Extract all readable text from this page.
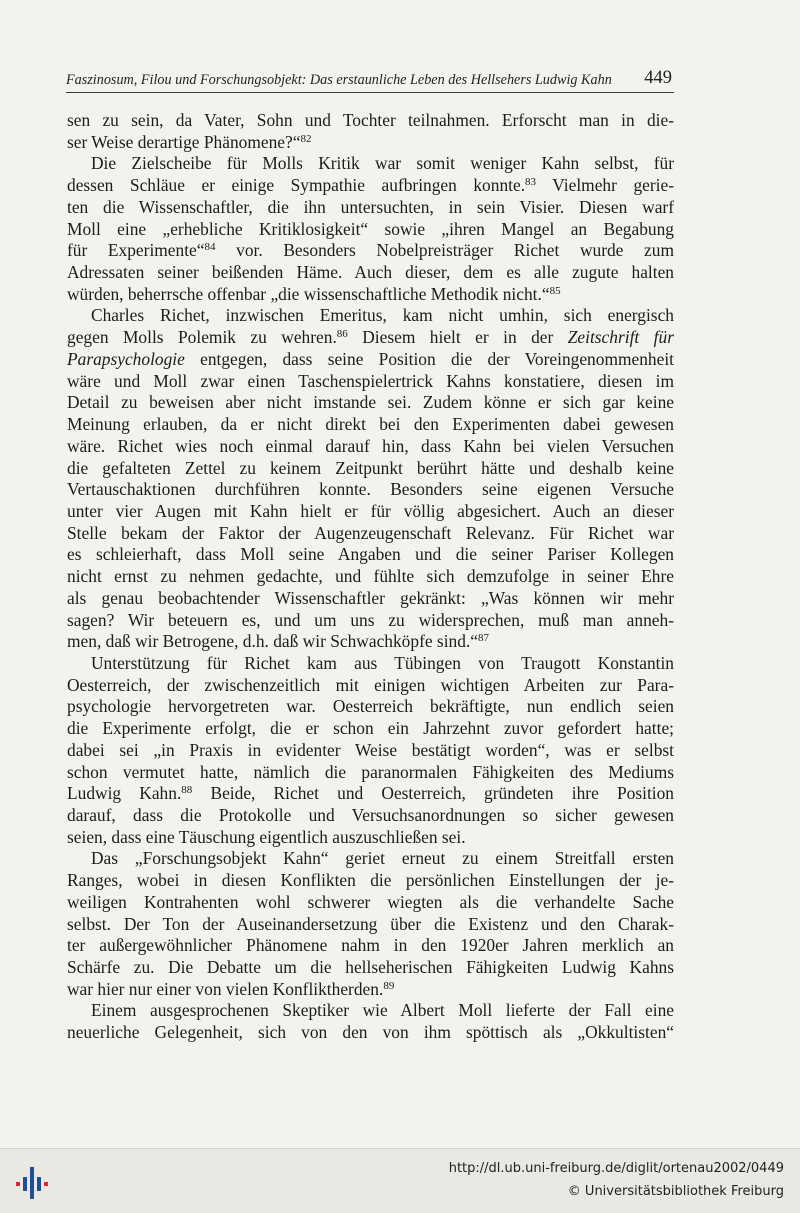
Faszinosum, Filou und Forschungsobjekt: Das erstaunliche Leben des Hellsehers Ludwig Kahn 449
sen zu sein, da Vater, Sohn und Tochter teilnahmen. Erforscht man in die-
ser Weise derartige Phänomene?“$^{82}$
Die Zielscheibe für Molls Kritik war somit weniger Kahn selbst, für
dessen Schläue er einige Sympathie aufbringen konnte.$^{83}$ Vielmehr gerie-
ten die Wissenschaftler, die ihn untersuchten, in sein Visier. Diesen warf
Moll eine „erhebliche Kritiklosigkeit“ sowie „ihren Mangel an Begabung
für Experimente“$^{84}$ vor. Besonders Nobelpreisträger Richet wurde zum
Adressaten seiner beißenden Häme. Auch dieser, dem es alle zugute halten
würden, beherrsche offenbar „die wissenschaftliche Methodik nicht.“$^{85}$
Charles Richet, inzwischen Emeritus, kam nicht umhin, sich energisch
gegen Molls Polemik zu wehren.$^{86}$ Diesem hielt er in der Zeitschrift für
Parapsychologie entgegen, dass seine Position die der Voreingenommenheit
wäre und Moll zwar einen Taschenspielertrick Kahns konstatiere, diesen im
Detail zu beweisen aber nicht imstande sei. Zudem könne er sich gar keine
Meinung erlauben, da er nicht direkt bei den Experimenten dabei gewesen
wäre. Richet wies noch einmal darauf hin, dass Kahn bei vielen Versuchen
die gefalteten Zettel zu keinem Zeitpunkt berührt hätte und deshalb keine
Vertauschaktionen durchführen konnte. Besonders seine eigenen Versuche
unter vier Augen mit Kahn hielt er für völlig abgesichert. Auch an dieser
Stelle bekam der Faktor der Augenzeugenschaft Relevanz. Für Richet war
es schleierhaft, dass Moll seine Angaben und die seiner Pariser Kollegen
nicht ernst zu nehmen gedachte, und fühlte sich demzufolge in seiner Ehre
als genau beobachtender Wissenschaftler gekränkt: „Was können wir mehr
sagen? Wir beteuern es, und um uns zu widersprechen, muß man anneh-
men, daß wir Betrogene, d.h. daß wir Schwachköpfe sind.“$^{87}$
Unterstützung für Richet kam aus Tübingen von Traugott Konstantin
Oesterreich, der zwischenzeitlich mit einigen wichtigen Arbeiten zur Para-
psychologie hervorgetreten war. Oesterreich bekräftigte, nun endlich seien
die Experimente erfolgt, die er schon ein Jahrzehnt zuvor gefordert hatte;
dabei sei „in Praxis in evidenter Weise bestätigt worden“, was er selbst
schon vermutet hatte, nämlich die paranormalen Fähigkeiten des Mediums
Ludwig Kahn.$^{88}$ Beide, Richet und Oesterreich, gründeten ihre Position
darauf, dass die Protokolle und Versuchsanordnungen so sicher gewesen
seien, dass eine Täuschung eigentlich auszuschließen sei.
Das „Forschungsobjekt Kahn“ geriet erneut zu einem Streitfall ersten
Ranges, wobei in diesen Konflikten die persönlichen Einstellungen der je-
weiligen Kontrahenten wohl schwerer wiegten als die verhandelte Sache
selbst. Der Ton der Auseinandersetzung über die Existenz und den Charak-
ter außergewöhnlicher Phänomene nahm in den 1920er Jahren merklich an
Schärfe zu. Die Debatte um die hellseherischen Fähigkeiten Ludwig Kahns
war hier nur einer von vielen Konfliktherden.$^{89}$
Einem ausgesprochenen Skeptiker wie Albert Moll lieferte der Fall eine
neuerliche Gelegenheit, sich von den von ihm spöttisch als „Okkultisten“
http://dl.ub.uni-freiburg.de/diglit/ortenau2002/0449
© Universitätsbibliothek Freiburg
